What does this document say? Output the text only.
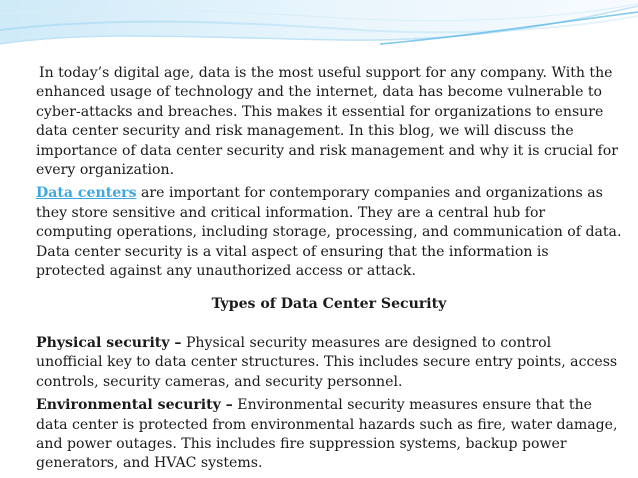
In today’s digital age, data is the most useful support for any company. With the enhanced usage of technology and the internet, data has become vulnerable to cyber-attacks and breaches. This makes it essential for organizations to ensure data center security and risk management. In this blog, we will discuss the importance of data center security and risk management and why it is crucial for every organization.

Data centers are important for contemporary companies and organizations as they store sensitive and critical information. They are a central hub for computing operations, including storage, processing, and communication of data. Data center security is a vital aspect of ensuring that the information is protected against any unauthorized access or attack.

Types of Data Center Security

Physical security – Physical security measures are designed to control unofficial key to data center structures. This includes secure entry points, access controls, security cameras, and security personnel.

Environmental security – Environmental security measures ensure that the data center is protected from environmental hazards such as fire, water damage, and power outages. This includes fire suppression systems, backup power generators, and HVAC systems.
